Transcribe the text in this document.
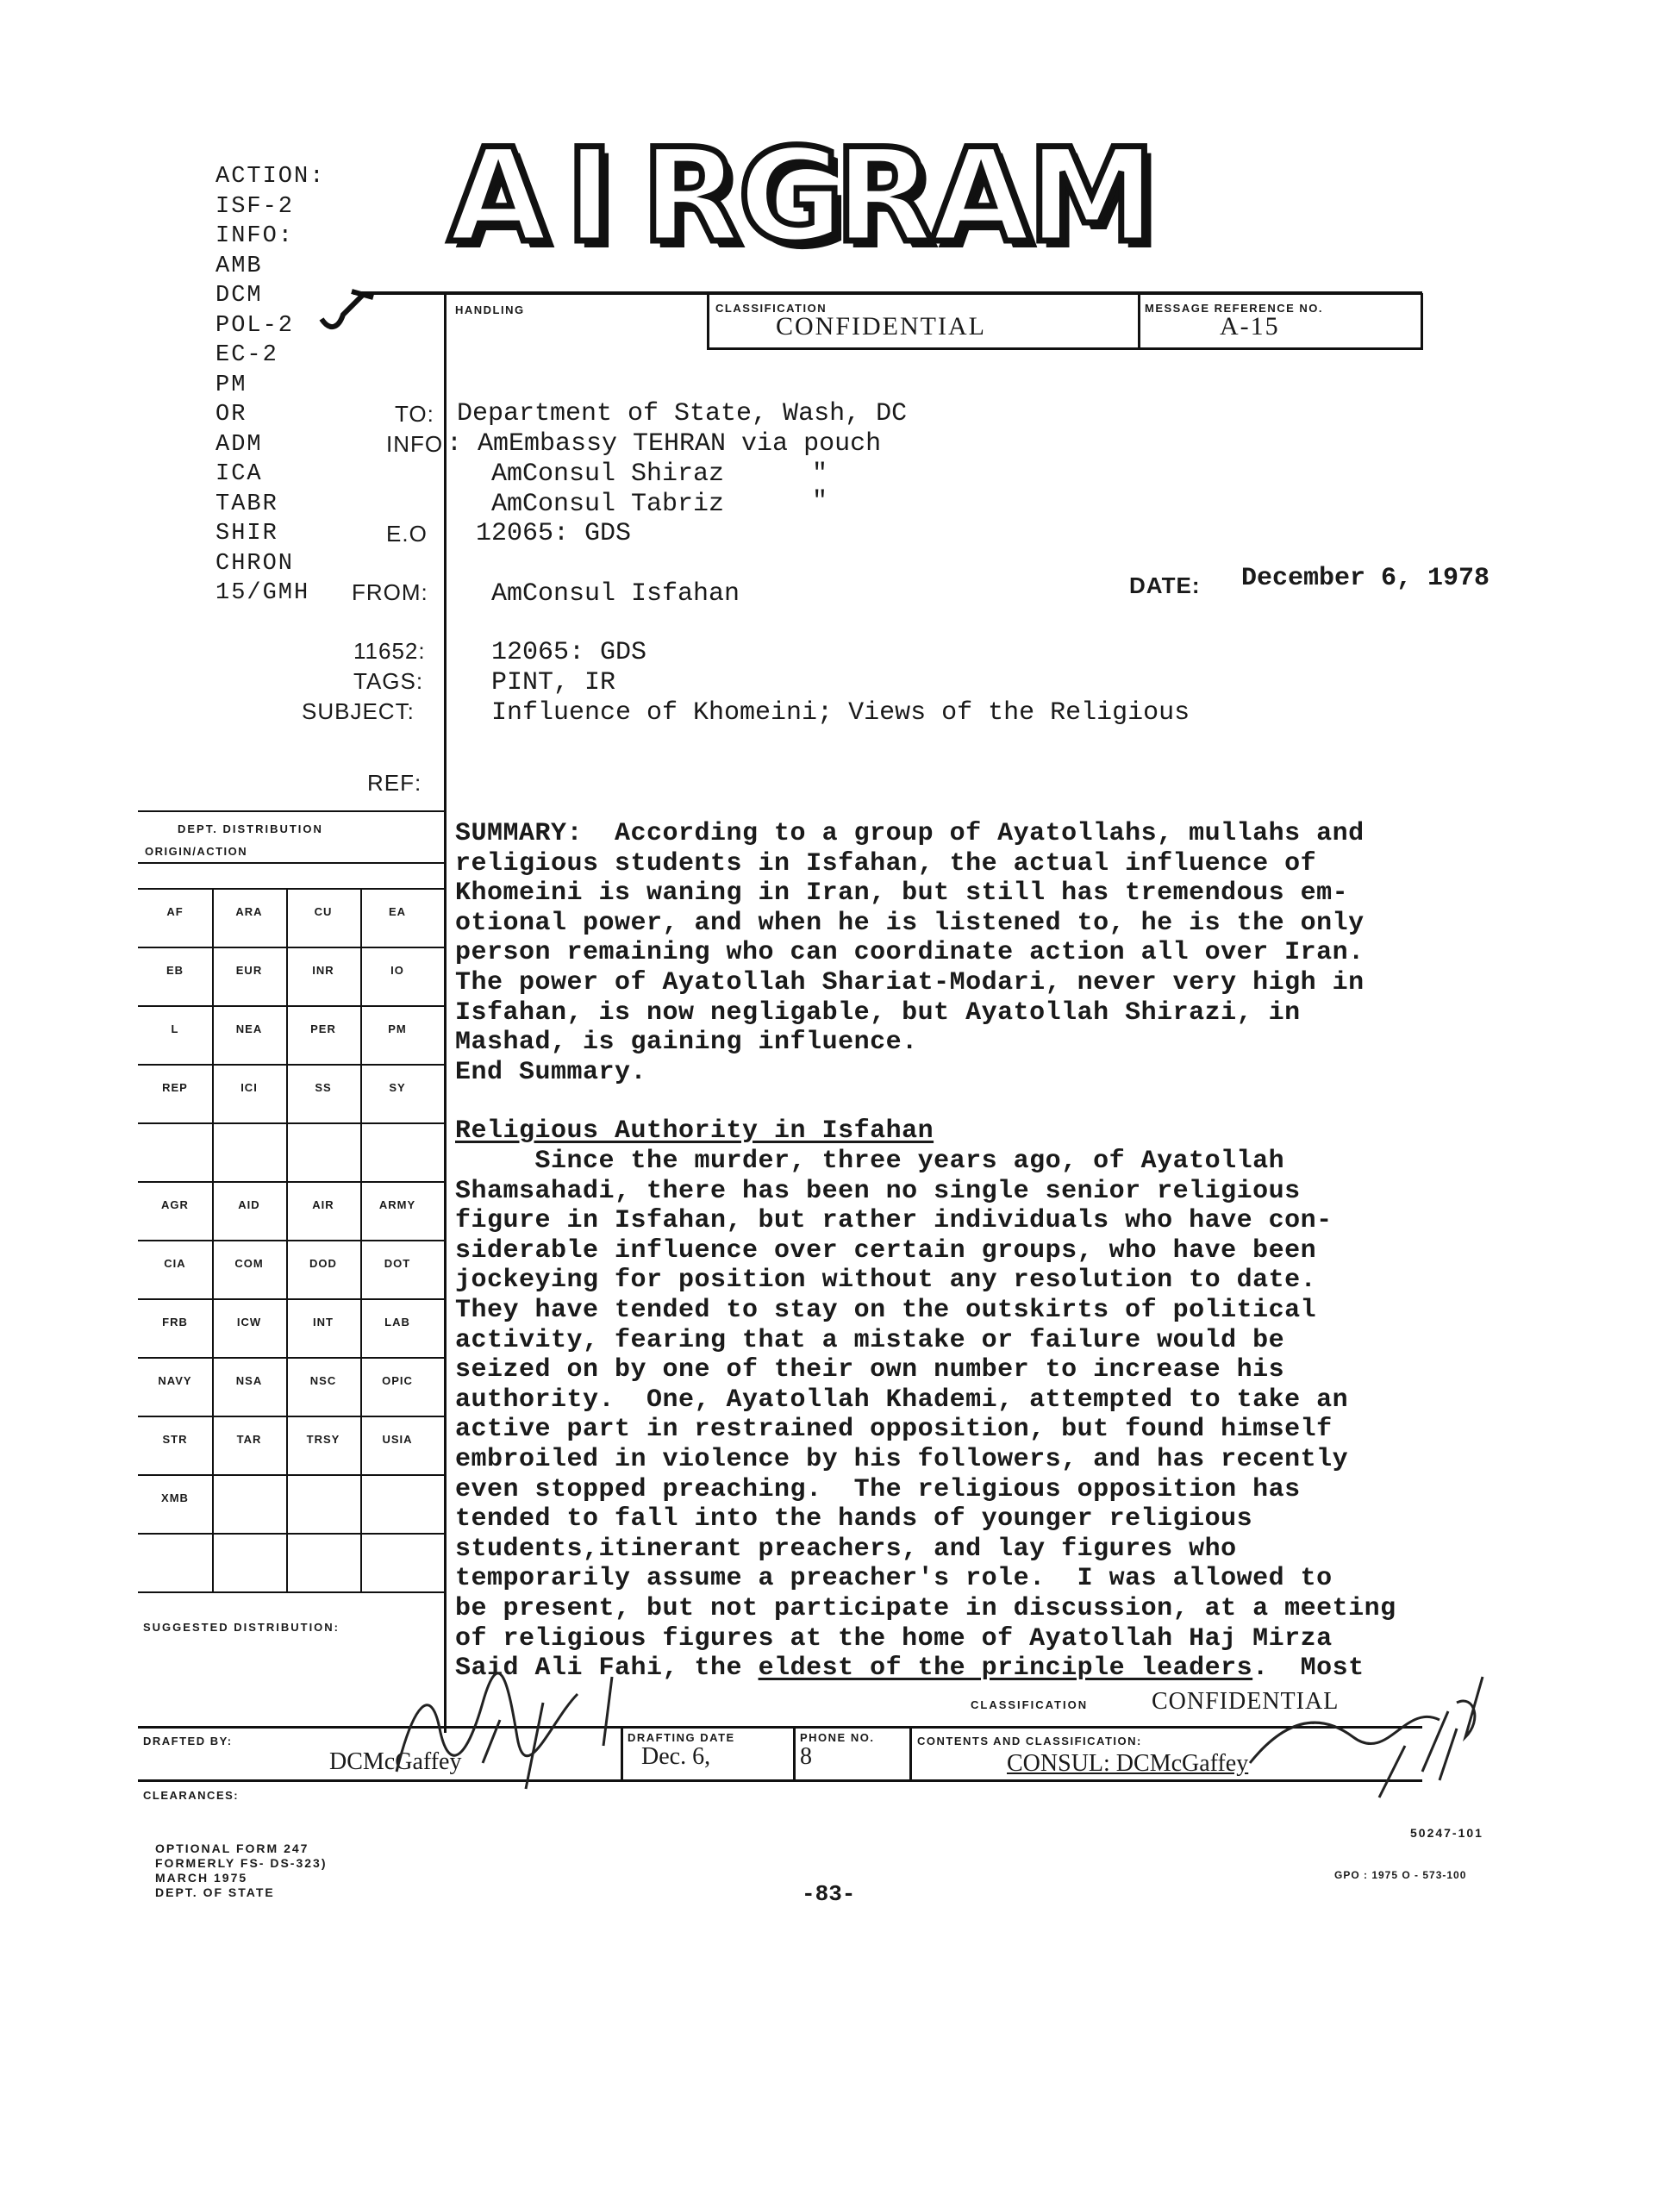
ACTION:
ISF-2
INFO:
AMB
DCM
POL-2
EC-2
PM
OR
ADM
ICA
TABR
SHIR
CHRON
15/GMH
A I R
G
R
A
M
HANDLING	CLASSIFICATION
CONFIDENTIAL
MESSAGE REFERENCE NO.
A-15
TO: Department of State, Wash, DC
INFO : AmEmbassy TEHRAN via pouch
AmConsul Shiraz	"
AmConsul Tabriz	"
E.O 12065: GDS
FROM: AmConsul Isfahan	DATE: December 6, 1978
11652:	12065: GDS
TAGS:	PINT, IR
SUBJECT:	Influence of Khomeini; Views of the Religious
REF:
SUMMARY:  According to a group of Ayatollahs, mullahs and
religious students in Isfahan, the actual influence of
Khomeini is waning in Iran, but still has tremendous em-
otional power, and when he is listened to, he is the only
person remaining who can coordinate action all over Iran.
The power of Ayatollah Shariat-Modari, never very high in
Isfahan, is now negligable, but Ayatollah Shirazi, in
Mashad, is gaining influence.
End Summary.
Religious Authority in Isfahan
Since the murder, three years ago, of Ayatollah
Shamsahadi, there has been no single senior religious
figure in Isfahan, but rather individuals who have con-
siderable influence over certain groups, who have been
jockeying for position without any resolution to date.
They have tended to stay on the outskirts of political
activity, fearing that a mistake or failure would be
seized on by one of their own number to increase his
authority.  One, Ayatollah Khademi, attempted to take an
active part in restrained opposition, but found himself
embroiled in violence by his followers, and has recently
even stopped preaching.  The religious opposition has
tended to fall into the hands of younger religious
students,itinerant preachers, and lay figures who
temporarily assume a preacher's role.  I was allowed to
be present, but not participate in discussion, at a meeting
of religious figures at the home of Ayatollah Haj Mirza
Said Ali Fahi, the eldest of the principle leaders.  Most
DEPT. DISTRIBUTION
ORIGIN/ACTION
AF	ARA	CU	EA
EB	EUR	INR	IO
L	NEA	PER	PM
REP	ICI	SS	SY
AGR	AID	AIR	ARMY
CIA	COM	DOD	DOT
FRB	ICW	INT	LAB
NAVY	NSA	NSC	OPIC
STR	TAR	TRSY	USIA
XMB
SUGGESTED DISTRIBUTION:
CLASSIFICATION	CONFIDENTIAL
DRAFTED BY:
DCMcGaffey
DRAFTING DATE
Dec. 6,
PHONE NO.
8
CONTENTS AND CLASSIFICATION:
CONSUL: DCMcGaffey
CLEARANCES:
50247-101
OPTIONAL FORM 247
FORMERLY FS- DS-323)
MARCH 1975
DEPT. OF STATE	-83-
GPO : 1975 O - 573-100
